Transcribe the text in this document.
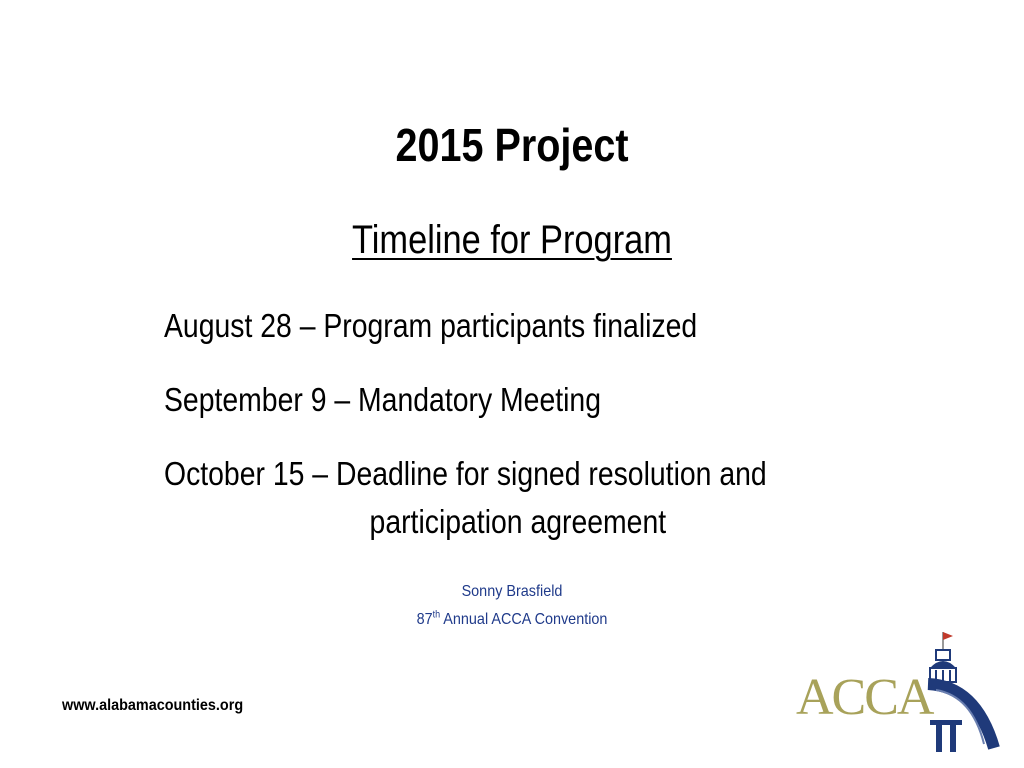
2015 Project
Timeline for Program
August 28 – Program participants finalized
September 9 – Mandatory Meeting
October 15 – Deadline for signed resolution and
participation agreement
Sonny Brasfield
87th Annual ACCA Convention
www.alabamacounties.org	ACCA
